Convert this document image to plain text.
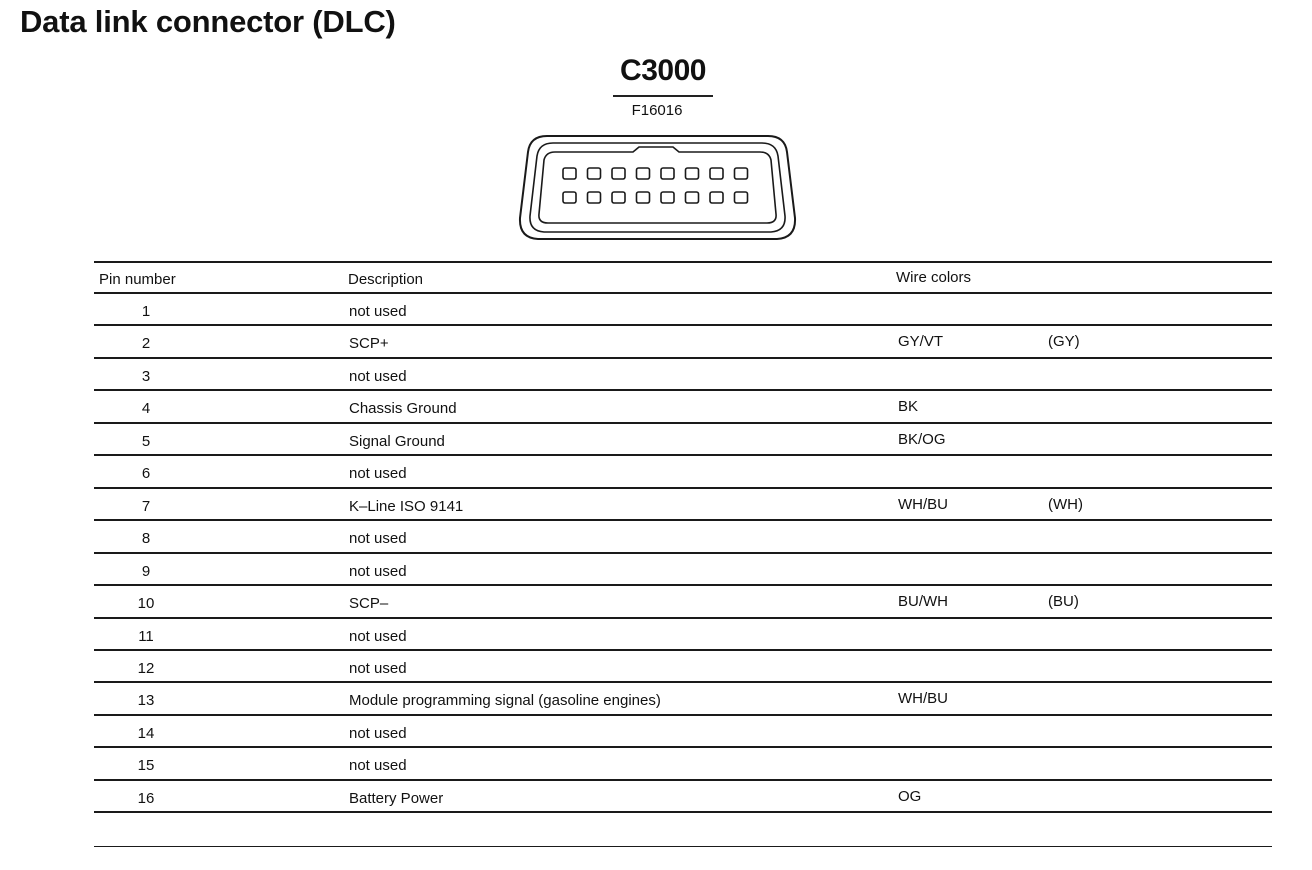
Data link connector (DLC)
C3000
F16016
Pin number	Description	Wire colors
1	not used
2	SCP+	GY/VT	(GY)
3	not used
4	Chassis Ground	BK
5	Signal Ground	BK/OG
6	not used
7	K–Line ISO 9141	WH/BU	(WH)
8	not used
9	not used
10	SCP–	BU/WH	(BU)
11	not used
12	not used
13	Module programming signal (gasoline engines)	WH/BU
14	not used
15	not used
16	Battery Power	OG
